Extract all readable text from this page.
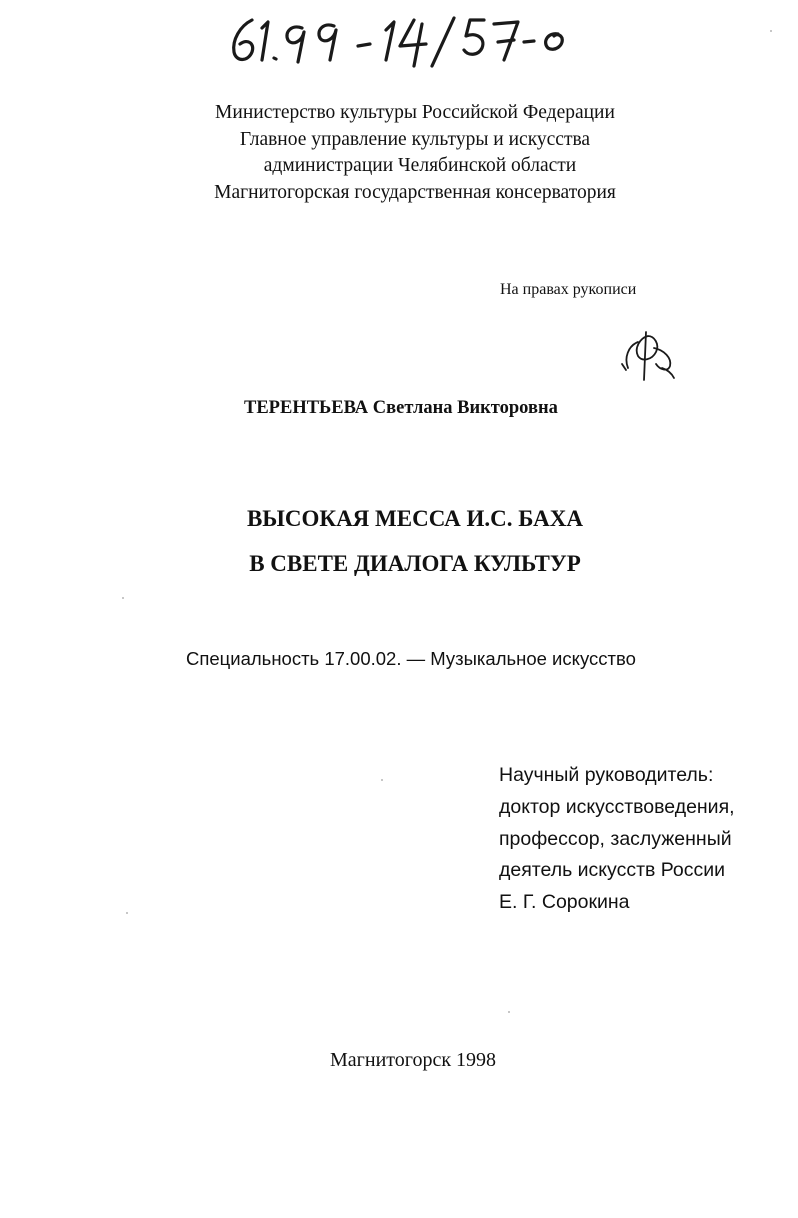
Министерство культуры Российской Федерации
Главное управление культуры и искусства
администрации Челябинской области
Магнитогорская государственная консерватория
На правах рукописи
ТЕРЕНТЬЕВА Светлана Викторовна
ВЫСОКАЯ МЕССА И.С. БАХА
В СВЕТЕ ДИАЛОГА КУЛЬТУР
Специальность 17.00.02. — Музыкальное искусство
Научный руководитель:
доктор искусствоведения,
профессор, заслуженный
деятель искусств России
Е. Г. Сорокина
Магнитогорск 1998
